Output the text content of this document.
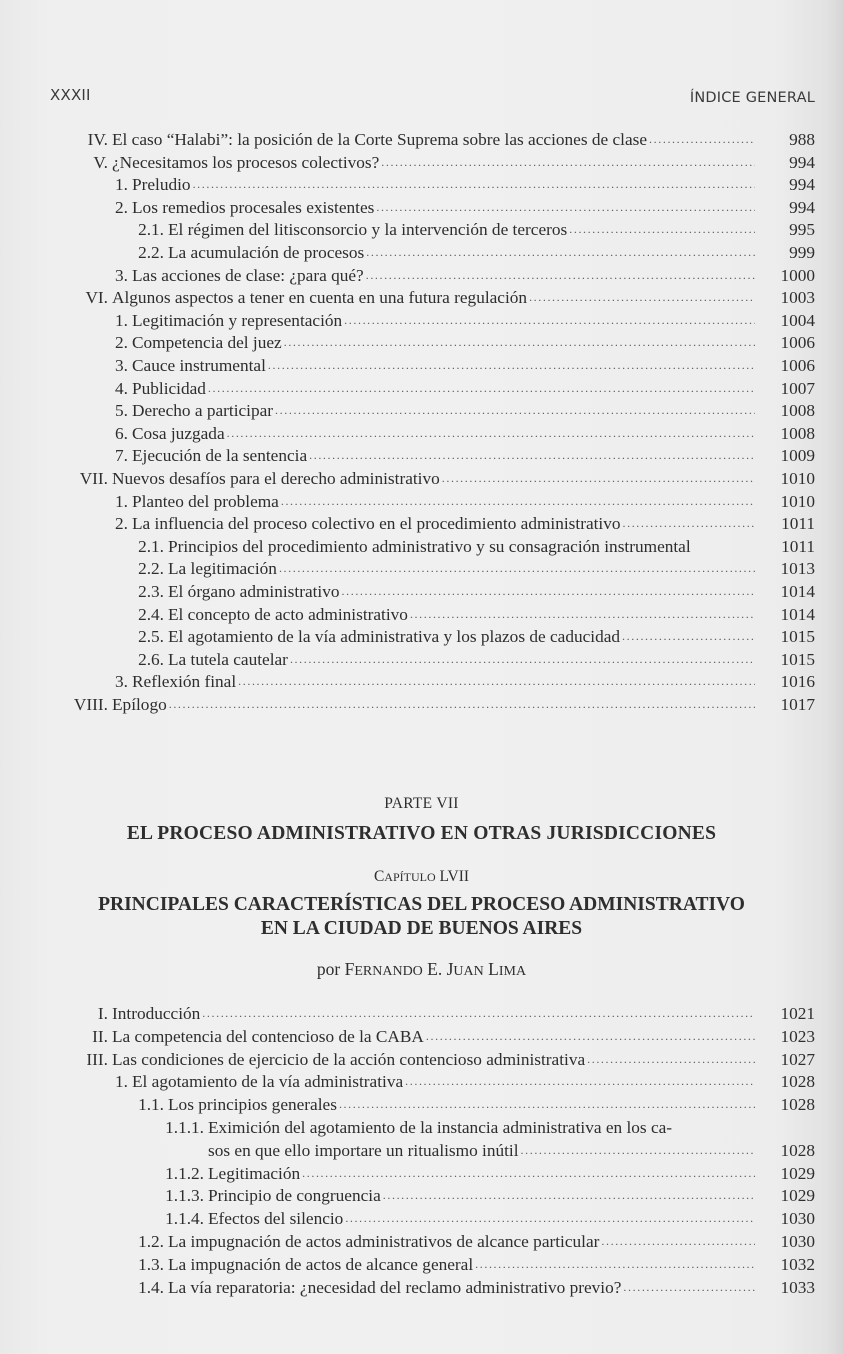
XXXII	ÍNDICE GENERAL
IV. El caso “Halabi”: la posición de la Corte Suprema sobre las acciones de clase .....	988
V. ¿Necesitamos los procesos colectivos? .....	994
1. Preludio .....	994
2. Los remedios procesales existentes .....	994
2.1. El régimen del litisconsorcio y la intervención de terceros .....	995
2.2. La acumulación de procesos .....	999
3. Las acciones de clase: ¿para qué? .....	1000
VI. Algunos aspectos a tener en cuenta en una futura regulación .....	1003
1. Legitimación y representación .....	1004
2. Competencia del juez .....	1006
3. Cauce instrumental .....	1006
4. Publicidad .....	1007
5. Derecho a participar .....	1008
6. Cosa juzgada .....	1008
7. Ejecución de la sentencia .....	1009
VII. Nuevos desafíos para el derecho administrativo .....	1010
1. Planteo del problema .....	1010
2. La influencia del proceso colectivo en el procedimiento administrativo .....	1011
2.1. Principios del procedimiento administrativo y su consagración instrumental	1011
2.2. La legitimación .....	1013
2.3. El órgano administrativo .....	1014
2.4. El concepto de acto administrativo .....	1014
2.5. El agotamiento de la vía administrativa y los plazos de caducidad .....	1015
2.6. La tutela cautelar .....	1015
3. Reflexión final .....	1016
VIII. Epílogo .....	1017
PARTE VII
EL PROCESO ADMINISTRATIVO EN OTRAS JURISDICCIONES
CAPÍTULO LVII
PRINCIPALES CARACTERÍSTICAS DEL PROCESO ADMINISTRATIVO
EN LA CIUDAD DE BUENOS AIRES
por FERNANDO E. JUAN LIMA
I. Introducción .....	1021
II. La competencia del contencioso de la CABA .....	1023
III. Las condiciones de ejercicio de la acción contencioso administrativa .....	1027
1. El agotamiento de la vía administrativa .....	1028
1.1. Los principios generales .....	1028
1.1.1. Eximición del agotamiento de la instancia administrativa en los ca-
sos en que ello importare un ritualismo inútil .....	1028
1.1.2. Legitimación .....	1029
1.1.3. Principio de congruencia .....	1029
1.1.4. Efectos del silencio .....	1030
1.2. La impugnación de actos administrativos de alcance particular .....	1030
1.3. La impugnación de actos de alcance general .....	1032
1.4. La vía reparatoria: ¿necesidad del reclamo administrativo previo? .....	1033
